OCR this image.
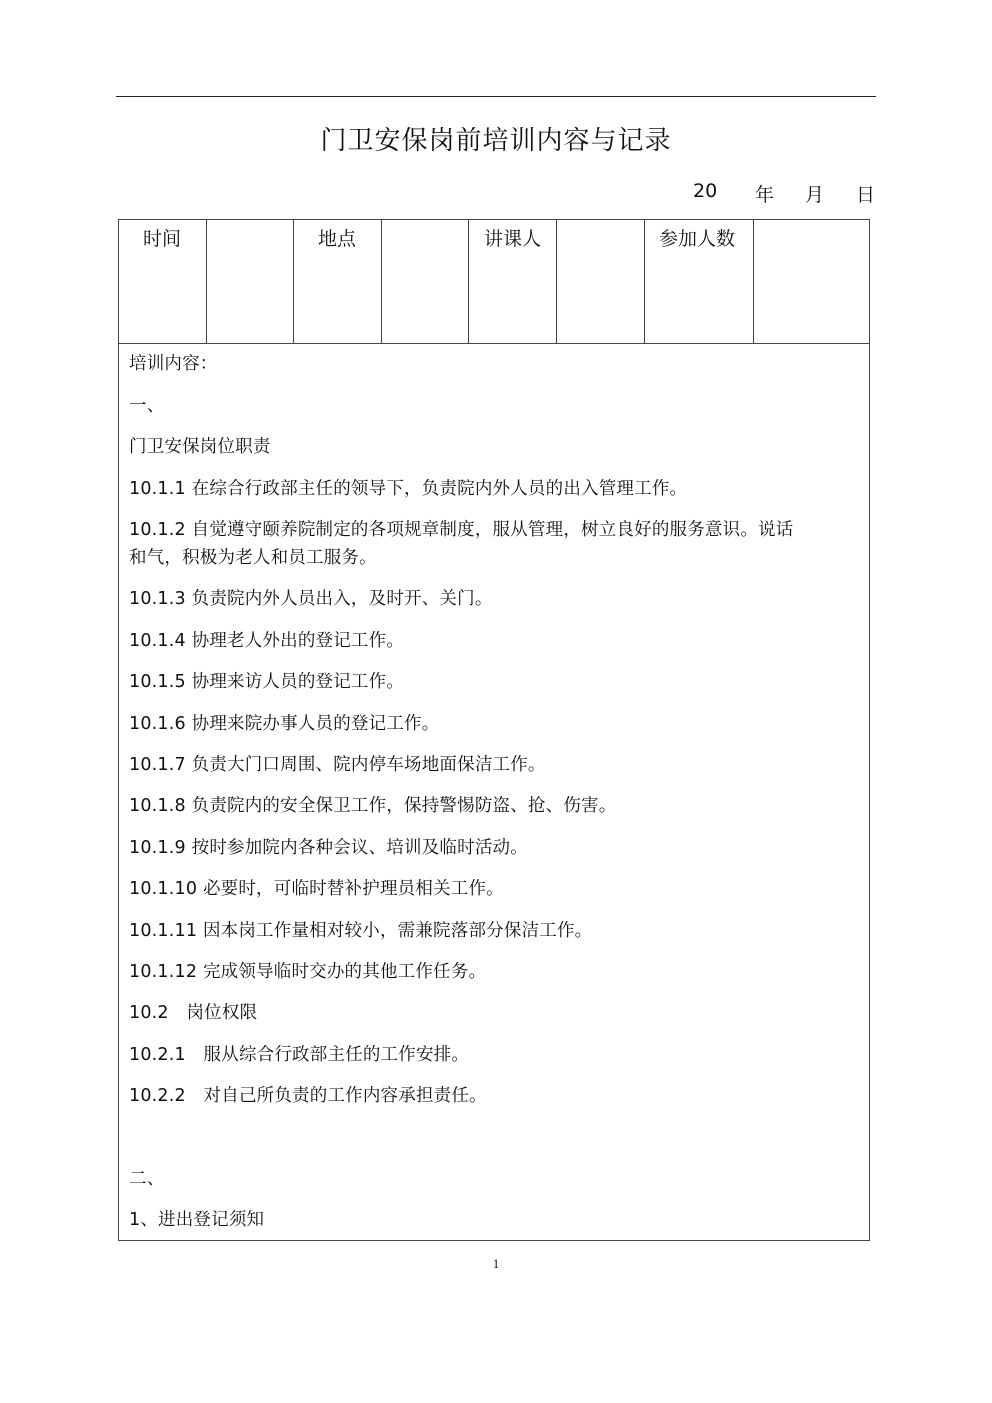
门卫安保岗前培训内容与记录
20 年 月 日
时间	地点	讲课人	参加人数
培训内容：
一、
门卫安保岗位职责
10.1.1 在综合行政部主任的领导下，负责院内外人员的出入管理工作。
10.1.2 自觉遵守颐养院制定的各项规章制度，服从管理，树立良好的服务意识。说话
和气，积极为老人和员工服务。
10.1.3 负责院内外人员出入，及时开、关门。
10.1.4 协理老人外出的登记工作。
10.1.5 协理来访人员的登记工作。
10.1.6 协理来院办事人员的登记工作。
10.1.7 负责大门口周围、院内停车场地面保洁工作。
10.1.8 负责院内的安全保卫工作，保持警惕防盗、抢、伤害。
10.1.9 按时参加院内各种会议、培训及临时活动。
10.1.10 必要时，可临时替补护理员相关工作。
10.1.11 因本岗工作量相对较小，需兼院落部分保洁工作。
10.1.12 完成领导临时交办的其他工作任务。
10.2　岗位权限
10.2.1　服从综合行政部主任的工作安排。
10.2.2　对自己所负责的工作内容承担责任。
二、
1、进出登记须知
1
